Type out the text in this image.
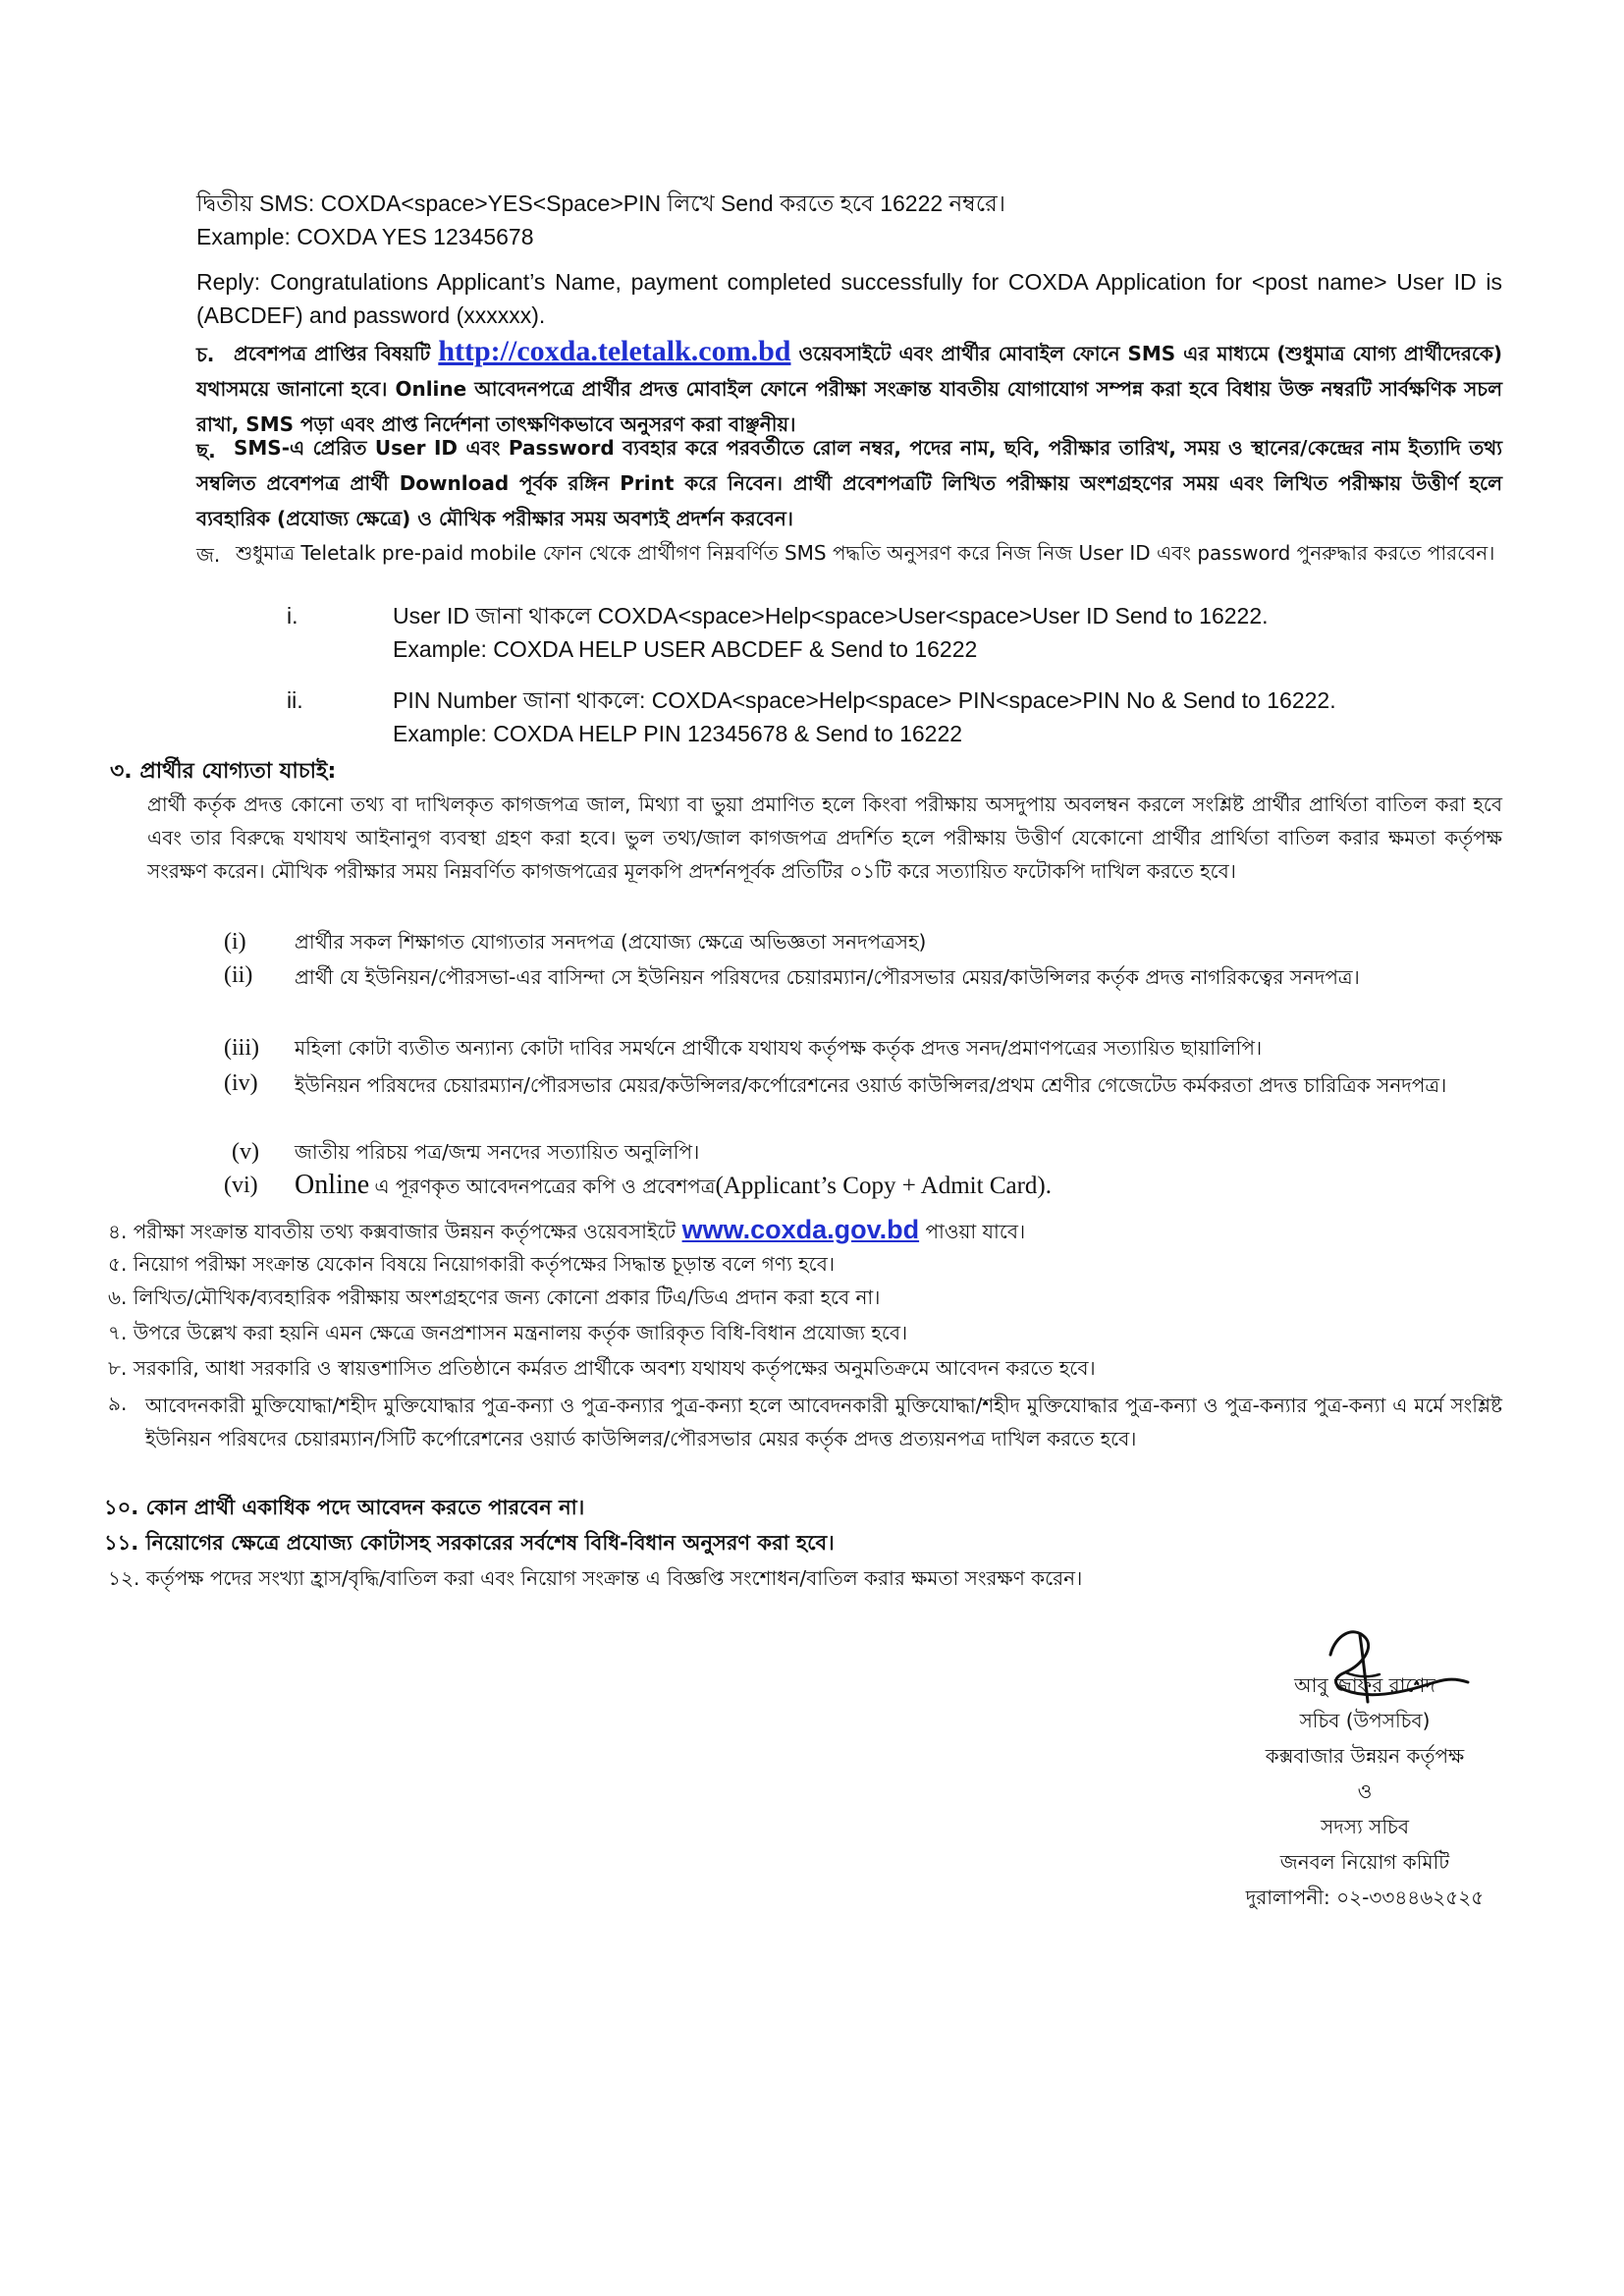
দ্বিতীয় SMS: COXDA<space>YES<Space>PIN লিখে Send করতে হবে 16222 নম্বরে।
Example: COXDA YES 12345678
Reply: Congratulations Applicant’s Name, payment completed successfully for COXDA Application for <post name> User ID is (ABCDEF) and password (xxxxxx).
চ. প্রবেশপত্র প্রাপ্তির বিষয়টি http://coxda.teletalk.com.bd ওয়েবসাইটে এবং প্রার্থীর মোবাইল ফোনে SMS এর মাধ্যমে (শুধুমাত্র যোগ্য প্রার্থীদেরকে) যথাসময়ে জানানো হবে। Online আবেদনপত্রে প্রার্থীর প্রদত্ত মোবাইল ফোনে পরীক্ষা সংক্রান্ত যাবতীয় যোগাযোগ সম্পন্ন করা হবে বিধায় উক্ত নম্বরটি সার্বক্ষণিক সচল রাখা, SMS পড়া এবং প্রাপ্ত নির্দেশনা তাৎক্ষণিকভাবে অনুসরণ করা বাঞ্ছনীয়।
ছ. SMS-এ প্রেরিত User ID এবং Password ব্যবহার করে পরবর্তীতে রোল নম্বর, পদের নাম, ছবি, পরীক্ষার তারিখ, সময় ও স্থানের/কেন্দ্রের নাম ইত্যাদি তথ্য সম্বলিত প্রবেশপত্র প্রার্থী Download পূর্বক রঙ্গিন Print করে নিবেন। প্রার্থী প্রবেশপত্রটি লিখিত পরীক্ষায় অংশগ্রহণের সময় এবং লিখিত পরীক্ষায় উত্তীর্ণ হলে ব্যবহারিক (প্রযোজ্য ক্ষেত্রে) ও মৌখিক পরীক্ষার সময় অবশ্যই প্রদর্শন করবেন।
জ. শুধুমাত্র Teletalk pre-paid mobile ফোন থেকে প্রার্থীগণ নিম্নবর্ণিত SMS পদ্ধতি অনুসরণ করে নিজ নিজ User ID এবং password পুনরুদ্ধার করতে পারবেন।
i.	User ID জানা থাকলে COXDA<space>Help<space>User<space>User ID Send to 16222.
Example: COXDA HELP USER ABCDEF & Send to 16222
ii.	PIN Number জানা থাকলে: COXDA<space>Help<space> PIN<space>PIN No & Send to 16222.
Example: COXDA HELP PIN 12345678 & Send to 16222
৩. প্রার্থীর যোগ্যতা যাচাই:
প্রার্থী কর্তৃক প্রদত্ত কোনো তথ্য বা দাখিলকৃত কাগজপত্র জাল, মিথ্যা বা ভুয়া প্রমাণিত হলে কিংবা পরীক্ষায় অসদুপায় অবলম্বন করলে সংশ্লিষ্ট প্রার্থীর প্রার্থিতা বাতিল করা হবে এবং তার বিরুদ্ধে যথাযথ আইনানুগ ব্যবস্থা গ্রহণ করা হবে। ভুল তথ্য/জাল কাগজপত্র প্রদর্শিত হলে পরীক্ষায় উত্তীর্ণ যেকোনো প্রার্থীর প্রার্থিতা বাতিল করার ক্ষমতা কর্তৃপক্ষ সংরক্ষণ করেন। মৌখিক পরীক্ষার সময় নিম্নবর্ণিত কাগজপত্রের মূলকপি প্রদর্শনপূর্বক প্রতিটির ০১টি করে সত্যায়িত ফটোকপি দাখিল করতে হবে।
(i) প্রার্থীর সকল শিক্ষাগত যোগ্যতার সনদপত্র (প্রযোজ্য ক্ষেত্রে অভিজ্ঞতা সনদপত্রসহ)
(ii) প্রার্থী যে ইউনিয়ন/পৌরসভা-এর বাসিন্দা সে ইউনিয়ন পরিষদের চেয়ারম্যান/পৌরসভার মেয়র/কাউন্সিলর কর্তৃক প্রদত্ত নাগরিকত্বের সনদপত্র।
(iii) মহিলা কোটা ব্যতীত অন্যান্য কোটা দাবির সমর্থনে প্রার্থীকে যথাযথ কর্তৃপক্ষ কর্তৃক প্রদত্ত সনদ/প্রমাণপত্রের সত্যায়িত ছায়ালিপি।
(iv) ইউনিয়ন পরিষদের চেয়ারম্যান/পৌরসভার মেয়র/কউন্সিলর/কর্পোরেশনের ওয়ার্ড কাউন্সিলর/প্রথম শ্রেণীর গেজেটেড কর্মকরতা প্রদত্ত চারিত্রিক সনদপত্র।
(v) জাতীয় পরিচয় পত্র/জন্ম সনদের সত্যায়িত অনুলিপি।
(vi) Online এ পূরণকৃত আবেদনপত্রের কপি ও প্রবেশপত্র(Applicant’s Copy + Admit Card).
৪. পরীক্ষা সংক্রান্ত যাবতীয় তথ্য কক্সবাজার উন্নয়ন কর্তৃপক্ষের ওয়েবসাইটে www.coxda.gov.bd পাওয়া যাবে।
৫. নিয়োগ পরীক্ষা সংক্রান্ত যেকোন বিষয়ে নিয়োগকারী কর্তৃপক্ষের সিদ্ধান্ত চূড়ান্ত বলে গণ্য হবে।
৬. লিখিত/মৌখিক/ব্যবহারিক পরীক্ষায় অংশগ্রহণের জন্য কোনো প্রকার টিএ/ডিএ প্রদান করা হবে না।
৭. উপরে উল্লেখ করা হয়নি এমন ক্ষেত্রে জনপ্রশাসন মন্ত্রনালয় কর্তৃক জারিকৃত বিধি-বিধান প্রযোজ্য হবে।
৮. সরকারি, আধা সরকারি ও স্বায়ত্তশাসিত প্রতিষ্ঠানে কর্মরত প্রার্থীকে অবশ্য যথাযথ কর্তৃপক্ষের অনুমতিক্রমে আবেদন করতে হবে।
৯. আবেদনকারী মুক্তিযোদ্ধা/শহীদ মুক্তিযোদ্ধার পুত্র-কন্যা ও পুত্র-কন্যার পুত্র-কন্যা হলে আবেদনকারী মুক্তিযোদ্ধা/শহীদ মুক্তিযোদ্ধার পুত্র-কন্যা ও পুত্র-কন্যার পুত্র-কন্যা এ মর্মে সংশ্লিষ্ট ইউনিয়ন পরিষদের চেয়ারম্যান/সিটি কর্পোরেশনের ওয়ার্ড কাউন্সিলর/পৌরসভার মেয়র কর্তৃক প্রদত্ত প্রত্যয়নপত্র দাখিল করতে হবে।
১০. কোন প্রার্থী একাধিক পদে আবেদন করতে পারবেন না।
১১. নিয়োগের ক্ষেত্রে প্রযোজ্য কোটাসহ সরকারের সর্বশেষ বিধি-বিধান অনুসরণ করা হবে।
১২. কর্তৃপক্ষ পদের সংখ্যা হ্রাস/বৃদ্ধি/বাতিল করা এবং নিয়োগ সংক্রান্ত এ বিজ্ঞপ্তি সংশোধন/বাতিল করার ক্ষমতা সংরক্ষণ করেন।
আবু জাফর রাশেদ
সচিব (উপসচিব)
কক্সবাজার উন্নয়ন কর্তৃপক্ষ
ও
সদস্য সচিব
জনবল নিয়োগ কমিটি
দুরালাপনী: ০২-৩৩৪৪৬২৫২৫
